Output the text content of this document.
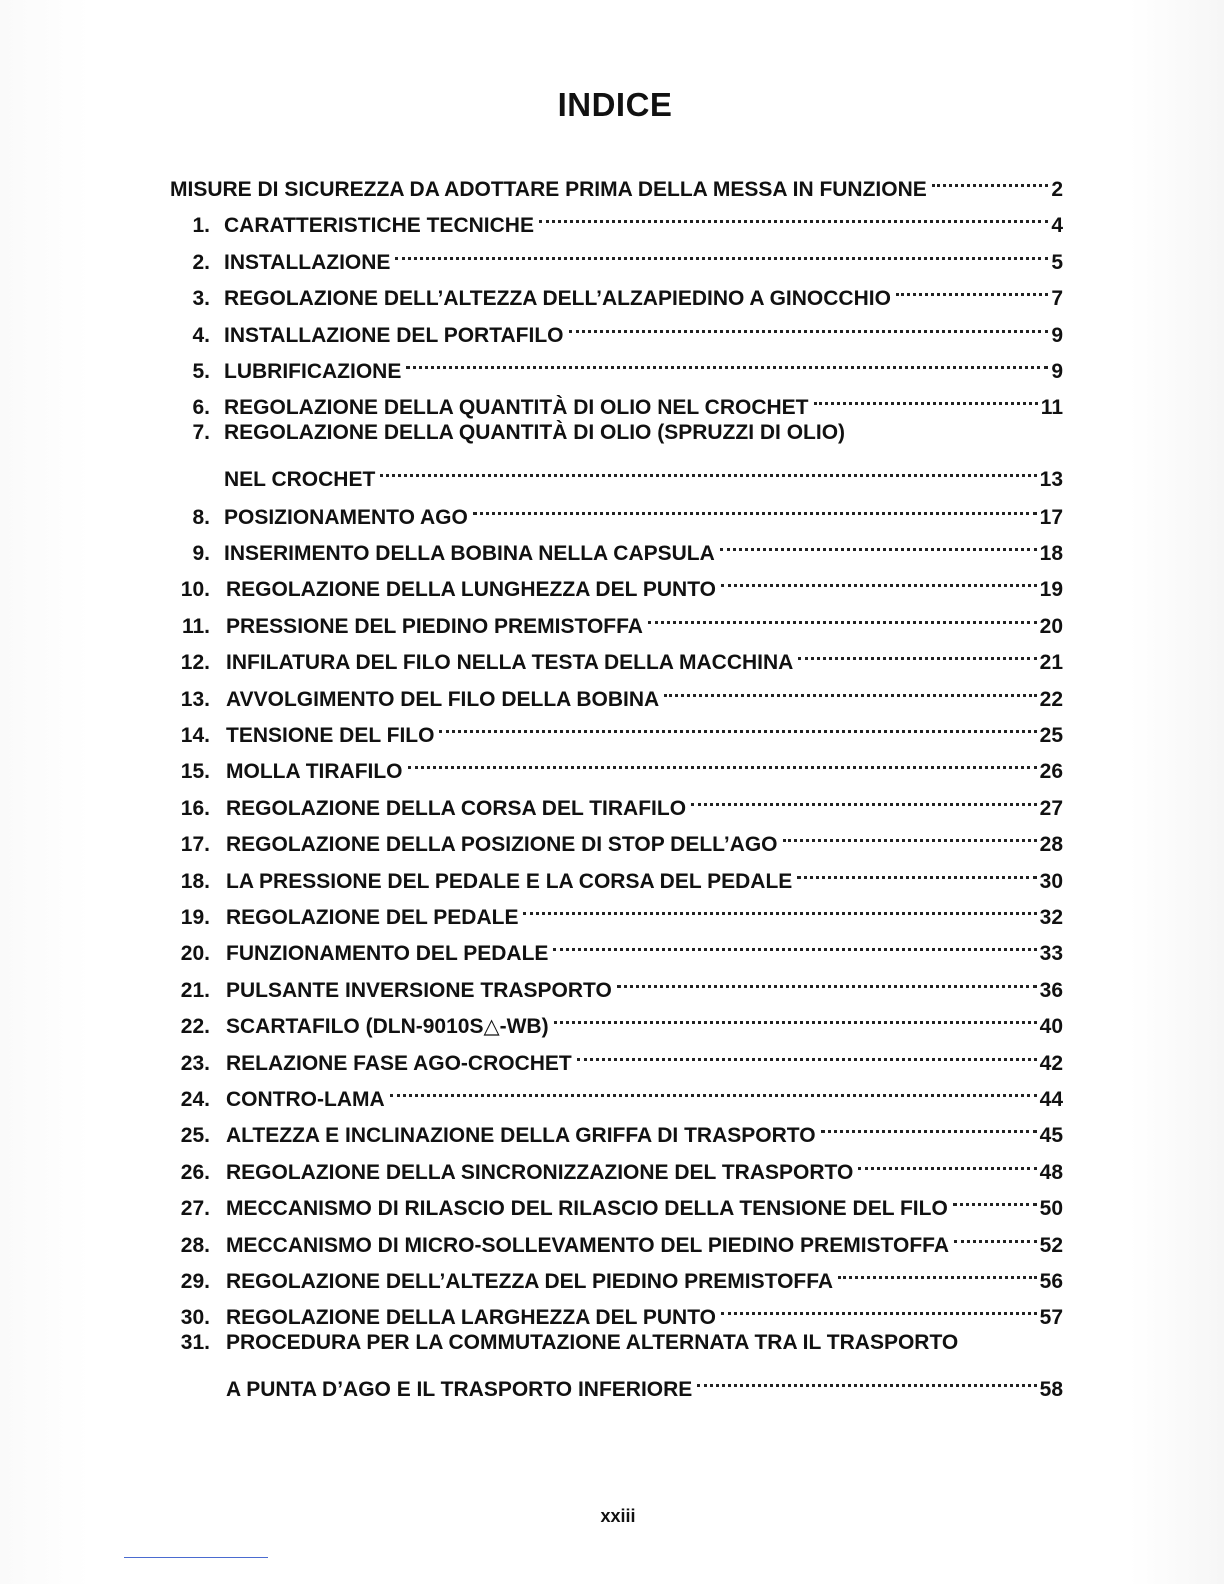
INDICE
MISURE DI SICUREZZA DA ADOTTARE PRIMA DELLA MESSA IN FUNZIONE	2
1. CARATTERISTICHE TECNICHE	4
2. INSTALLAZIONE	5
3. REGOLAZIONE DELL’ALTEZZA DELL’ALZAPIEDINO A GINOCCHIO	7
4. INSTALLAZIONE DEL PORTAFILO	9
5. LUBRIFICAZIONE	9
6. REGOLAZIONE DELLA QUANTITÀ DI OLIO NEL CROCHET	11
7. REGOLAZIONE DELLA QUANTITÀ DI OLIO (SPRUZZI DI OLIO)
NEL CROCHET	13
8. POSIZIONAMENTO AGO	17
9. INSERIMENTO DELLA BOBINA NELLA CAPSULA	18
10. REGOLAZIONE DELLA LUNGHEZZA DEL PUNTO	19
11. PRESSIONE DEL PIEDINO PREMISTOFFA	20
12. INFILATURA DEL FILO NELLA TESTA DELLA MACCHINA	21
13. AVVOLGIMENTO DEL FILO DELLA BOBINA	22
14. TENSIONE DEL FILO	25
15. MOLLA TIRAFILO	26
16. REGOLAZIONE DELLA CORSA DEL TIRAFILO	27
17. REGOLAZIONE DELLA POSIZIONE DI STOP DELL’AGO	28
18. LA PRESSIONE DEL PEDALE E LA CORSA DEL PEDALE	30
19. REGOLAZIONE DEL PEDALE	32
20. FUNZIONAMENTO DEL PEDALE	33
21. PULSANTE INVERSIONE TRASPORTO	36
22. SCARTAFILO (DLN-9010S△-WB)	40
23. RELAZIONE FASE AGO-CROCHET	42
24. CONTRO-LAMA	44
25. ALTEZZA E INCLINAZIONE DELLA GRIFFA DI TRASPORTO	45
26. REGOLAZIONE DELLA SINCRONIZZAZIONE DEL TRASPORTO	48
27. MECCANISMO DI RILASCIO DEL RILASCIO DELLA TENSIONE DEL FILO	50
28. MECCANISMO DI MICRO-SOLLEVAMENTO DEL PIEDINO PREMISTOFFA	52
29. REGOLAZIONE DELL’ALTEZZA DEL PIEDINO PREMISTOFFA	56
30. REGOLAZIONE DELLA LARGHEZZA DEL PUNTO	57
31. PROCEDURA PER LA COMMUTAZIONE ALTERNATA TRA IL TRASPORTO
A PUNTA D’AGO E IL TRASPORTO INFERIORE	58
xxiii
